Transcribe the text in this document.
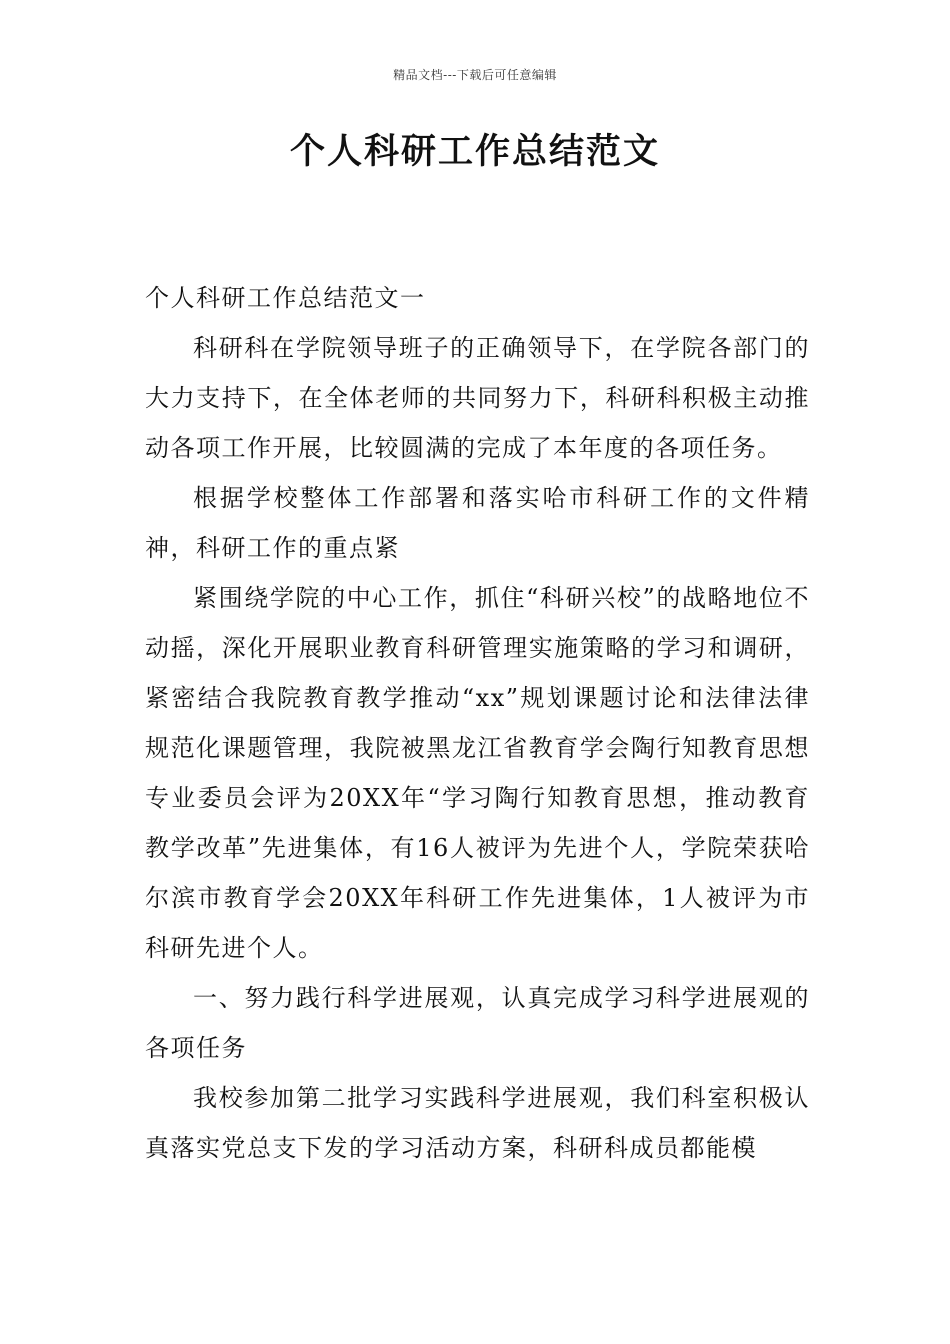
精品文档---下载后可任意编辑
个人科研工作总结范文

个人科研工作总结范文一

科研科在学院领导班子的正确领导下，在学院各部门的大力支持下，在全体老师的共同努力下，科研科积极主动推动各项工作开展，比较圆满的完成了本年度的各项任务。

根据学校整体工作部署和落实哈市科研工作的文件精神，科研工作的重点紧

紧围绕学院的中心工作，抓住“科研兴校”的战略地位不动摇，深化开展职业教育科研管理实施策略的学习和调研，紧密结合我院教育教学推动“xx”规划课题讨论和法律法律规范化课题管理，我院被黑龙江省教育学会陶行知教育思想专业委员会评为20XX年“学习陶行知教育思想，推动教育教学改革”先进集体，有16人被评为先进个人，学院荣获哈尔滨市教育学会20XX年科研工作先进集体，1人被评为市科研先进个人。

一、努力践行科学进展观，认真完成学习科学进展观的各项任务

我校参加第二批学习实践科学进展观，我们科室积极认真落实党总支下发的学习活动方案，科研科成员都能模
